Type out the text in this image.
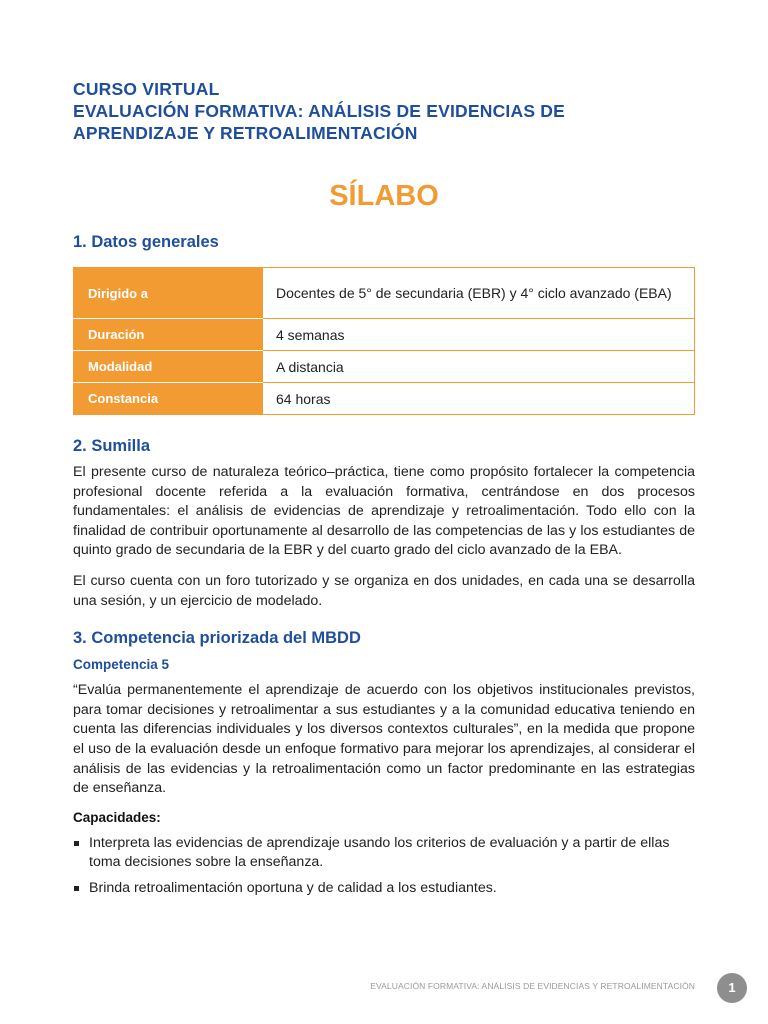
CURSO VIRTUAL

EVALUACIÓN FORMATIVA: ANÁLISIS DE EVIDENCIAS DE

APRENDIZAJE Y RETROALIMENTACIÓN

SÍLABO

1. Datos generales
Dirigido a	Docentes de 5° de secundaria (EBR) y 4° ciclo avanzado (EBA)
Duración	4 semanas
Modalidad	A distancia
Constancia	64 horas
2. Sumilla

El presente curso de naturaleza teórico–práctica, tiene como propósito fortalecer la competencia profesional docente referida a la evaluación formativa, centrándose en dos procesos fundamentales: el análisis de evidencias de aprendizaje y retroalimentación. Todo ello con la finalidad de contribuir oportunamente al desarrollo de las competencias de las y los estudiantes de quinto grado de secundaria de la EBR y del cuarto grado del ciclo avanzado de la EBA.

El curso cuenta con un foro tutorizado y se organiza en dos unidades, en cada una se desarrolla una sesión, y un ejercicio de modelado.

3. Competencia priorizada del MBDD

Competencia 5

“Evalúa permanentemente el aprendizaje de acuerdo con los objetivos institucionales previstos, para tomar decisiones y retroalimentar a sus estudiantes y a la comunidad educativa teniendo en cuenta las diferencias individuales y los diversos contextos culturales”, en la medida que propone el uso de la evaluación desde un enfoque formativo para mejorar los aprendizajes, al considerar el análisis de las evidencias y la retroalimentación como un factor predominante en las estrategias de enseñanza.

Capacidades:

Interpreta las evidencias de aprendizaje usando los criterios de evaluación y a partir de ellas toma decisiones sobre la enseñanza.
Brinda retroalimentación oportuna y de calidad a los estudiantes.
EVALUACIÓN FORMATIVA: ANÁLISIS DE EVIDENCIAS Y RETROALIMENTACIÓN	1
